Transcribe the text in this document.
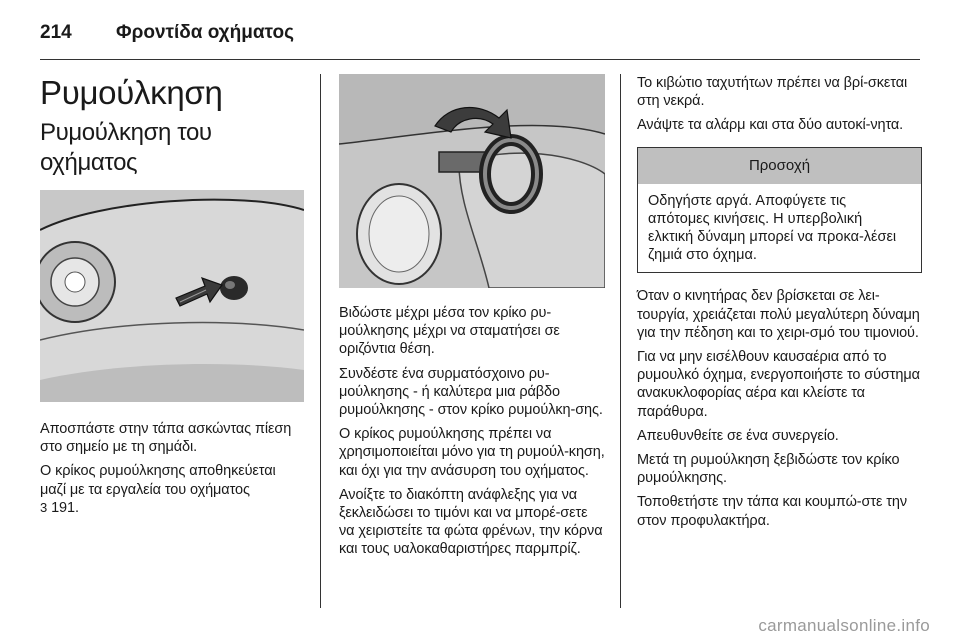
214 Φροντίδα οχήματος
Ρυμούλκηση
Ρυμούλκηση του οχήματος

Αποσπάστε στην τάπα ασκώντας πίεση στο σημείο με τη σημάδι.

Ο κρίκος ρυμούλκησης αποθηκεύεται μαζί με τα εργαλεία του οχήματος
3 191.

Βιδώστε μέχρι μέσα τον κρίκο ρυ-μούλκησης μέχρι να σταματήσει σε οριζόντια θέση.

Συνδέστε ένα συρματόσχοινο ρυ-μούλκησης - ή καλύτερα μια ράβδο ρυμούλκησης - στον κρίκο ρυμούλκη-σης.

Ο κρίκος ρυμούλκησης πρέπει να χρησιμοποιείται μόνο για τη ρυμούλ-κηση, και όχι για την ανάσυρση του οχήματος.

Ανοίξτε το διακόπτη ανάφλεξης για να ξεκλειδώσει το τιμόνι και να μπορέ-σετε να χειριστείτε τα φώτα φρένων, την κόρνα και τους υαλοκαθαριστήρες παρμπρίζ.

Το κιβώτιο ταχυτήτων πρέπει να βρί-σκεται στη νεκρά.

Ανάψτε τα αλάρμ και στα δύο αυτοκί-νητα.

Προσοχή

Οδηγήστε αργά. Αποφύγετε τις απότομες κινήσεις. Η υπερβολική ελκτική δύναμη μπορεί να προκα-λέσει ζημιά στο όχημα.

Όταν ο κινητήρας δεν βρίσκεται σε λει-τουργία, χρειάζεται πολύ μεγαλύτερη δύναμη για την πέδηση και το χειρι-σμό του τιμονιού.

Για να μην εισέλθουν καυσαέρια από το ρυμουλκό όχημα, ενεργοποιήστε το σύστημα ανακυκλοφορίας αέρα και κλείστε τα παράθυρα.

Απευθυνθείτε σε ένα συνεργείο.

Μετά τη ρυμούλκηση ξεβιδώστε τον κρίκο ρυμούλκησης.

Τοποθετήστε την τάπα και κουμπώ-στε την στον προφυλακτήρα.

carmanualsonline.info
